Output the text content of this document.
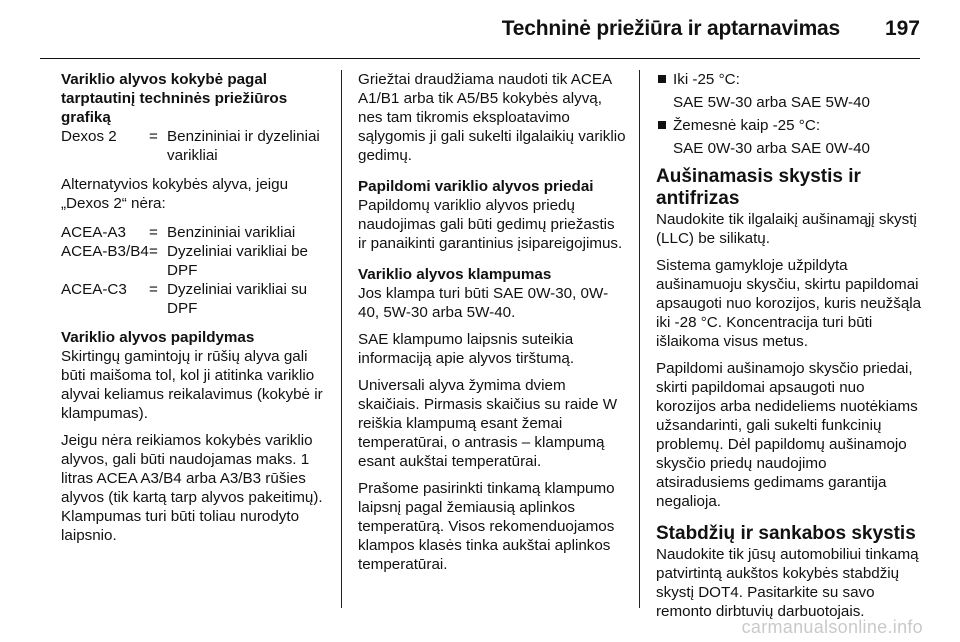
Techninė priežiūra ir aptarnavimas 197

Variklio alyvos kokybė pagal tarptautinį techninės priežiūros grafiką

Dexos 2	=	Benzininiai ir dyzeliniai varikliai

Alternatyvios kokybės alyva, jeigu „Dexos 2“ nėra:

ACEA-A3	=	Benzininiai varikliai
ACEA-B3/B4	=	Dyzeliniai varikliai be DPF
ACEA-C3	=	Dyzeliniai varikliai su DPF

Variklio alyvos papildymas

Skirtingų gamintojų ir rūšių alyva gali būti maišoma tol, kol ji atitinka variklio alyvai keliamus reikalavimus (kokybė ir klampumas).

Jeigu nėra reikiamos kokybės variklio alyvos, gali būti naudojamas maks. 1 litras ACEA A3/B4 arba A3/B3 rūšies alyvos (tik kartą tarp alyvos pakeitimų). Klampumas turi būti toliau nurodyto laipsnio.

Griežtai draudžiama naudoti tik ACEA A1/B1 arba tik A5/B5 kokybės alyvą, nes tam tikromis eksploatavimo sąlygomis ji gali sukelti ilgalaikių variklio gedimų.

Papildomi variklio alyvos priedai

Papildomų variklio alyvos priedų naudojimas gali būti gedimų priežastis ir panaikinti garantinius įsipareigojimus.

Variklio alyvos klampumas

Jos klampa turi būti SAE 0W-30, 0W-40, 5W-30 arba 5W-40.

SAE klampumo laipsnis suteikia informaciją apie alyvos tirštumą.

Universali alyva žymima dviem skaičiais. Pirmasis skaičius su raide W reiškia klampumą esant žemai temperatūrai, o antrasis – klampumą esant aukštai temperatūrai.

Prašome pasirinkti tinkamą klampumo laipsnį pagal žemiausią aplinkos temperatūrą. Visos rekomenduojamos klampos klasės tinka aukštai aplinkos temperatūrai.

Iki -25 °C:
SAE 5W-30 arba SAE 5W-40
Žemesnė kaip -25 °C:
SAE 0W-30 arba SAE 0W-40

Aušinamasis skystis ir antifrizas

Naudokite tik ilgalaikį aušinamąjį skystį (LLC) be silikatų.

Sistema gamykloje užpildyta aušinamuoju skysčiu, skirtu papildomai apsaugoti nuo korozijos, kuris neužšąla iki -28 °C. Koncentracija turi būti išlaikoma visus metus.

Papildomi aušinamojo skysčio priedai, skirti papildomai apsaugoti nuo korozijos arba nedideliems nuotėkiams užsandarinti, gali sukelti funkcinių problemų. Dėl papildomų aušinamojo skysčio priedų naudojimo atsiradusiems gedimams garantija negalioja.

Stabdžių ir sankabos skystis

Naudokite tik jūsų automobiliui tinkamą patvirtintą aukštos kokybės stabdžių skystį DOT4. Pasitarkite su savo remonto dirbtuvių darbuotojais.

carmanualsonline.info
